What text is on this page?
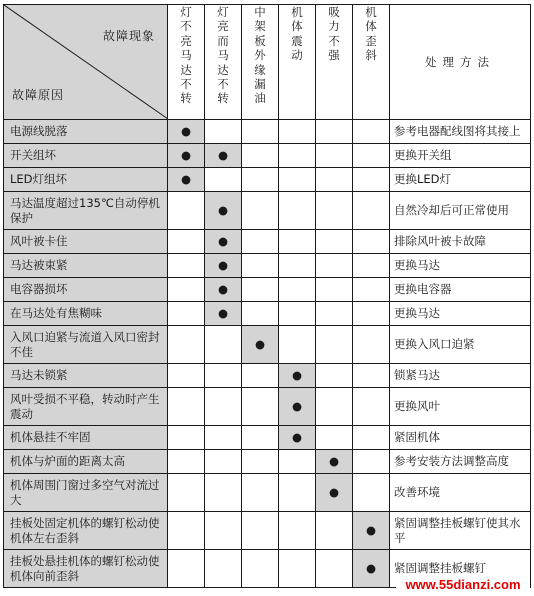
故障现象
故障原因	灯不亮马达不转	灯亮而马达不转	中架板外缘漏油	机体震动	吸力不强	机体歪斜	处理方法
电源线脱落	●						参考电器配线图将其接上
开关组坏	●	●					更换开关组
LED灯组坏	●						更换LED灯
马达温度超过135℃自动停机保护		●					自然冷却后可正常使用
风叶被卡住		●					排除风叶被卡故障
马达被束紧		●					更换马达
电容器损坏		●					更换电容器
在马达处有焦糊味		●					更换马达
入风口迫紧与流道入风口密封不佳			●				更换入风口迫紧
马达未锁紧				●			锁紧马达
风叶受损不平稳，转动时产生震动				●			更换风叶
机体悬挂不牢固				●			紧固机体
机体与炉面的距离太高					●		参考安装方法调整高度
机体周围门窗过多空气对流过大					●		改善环境
挂板处固定机体的螺钉松动使机体左右歪斜						●	紧固调整挂板螺钉使其水平
挂板处悬挂机体的螺钉松动使机体向前歪斜						●	紧固调整挂板螺钉
www.55dianzi.com
